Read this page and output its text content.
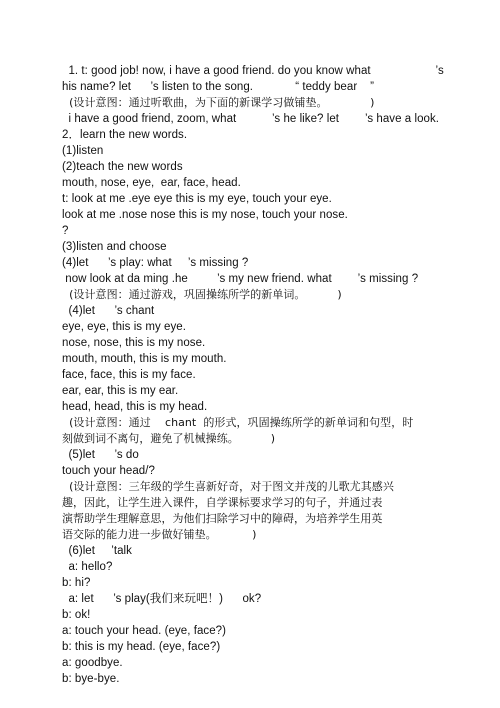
1. t: good job! now, i have a good friend. do you know what                    ’s
his name? let      ’s listen to the song.             “ teddy bear    ”
(设计意图：通过听歌曲，为下面的新课学习做铺垫。            )
i have a good friend, zoom, what           ’s he like? let        ’s have a look.
2．learn the new words.
(1)listen
(2)teach the new words
mouth, nose, eye,  ear, face, head.
t: look at me .eye eye this is my eye, touch your eye.
look at me .nose nose this is my nose, touch your nose.
?
(3)listen and choose
(4)let      ’s play: what     ’s missing ?
now look at da ming .he         ’s my new friend. what        ’s missing ?
(设计意图：通过游戏，巩固操练所学的新单词。         )
(4)let      ’s chant
eye, eye, this is my eye.
nose, nose, this is my nose.
mouth, mouth, this is my mouth.
face, face, this is my face.
ear, ear, this is my ear.
head, head, this is my head.
(设计意图：通过    chant  的形式，巩固操练所学的新单词和句型，时
刻做到词不离句，避免了机械操练。         )
(5)let      ’s do
touch your head/?
(设计意图：三年级的学生喜新好奇，对于图文并茂的儿歌尤其感兴
趣，因此，让学生进入课件，自学课标要求学习的句子，并通过表
演帮助学生理解意思，为他们扫除学习中的障碍，为培养学生用英
语交际的能力进一步做好铺垫。          )
(6)let     ’talk
a: hello?
b: hi?
a: let      ’s play(我们来玩吧！)      ok?
b: ok!
a: touch your head. (eye, face?)
b: this is my head. (eye, face?)
a: goodbye.
b: bye-bye.
